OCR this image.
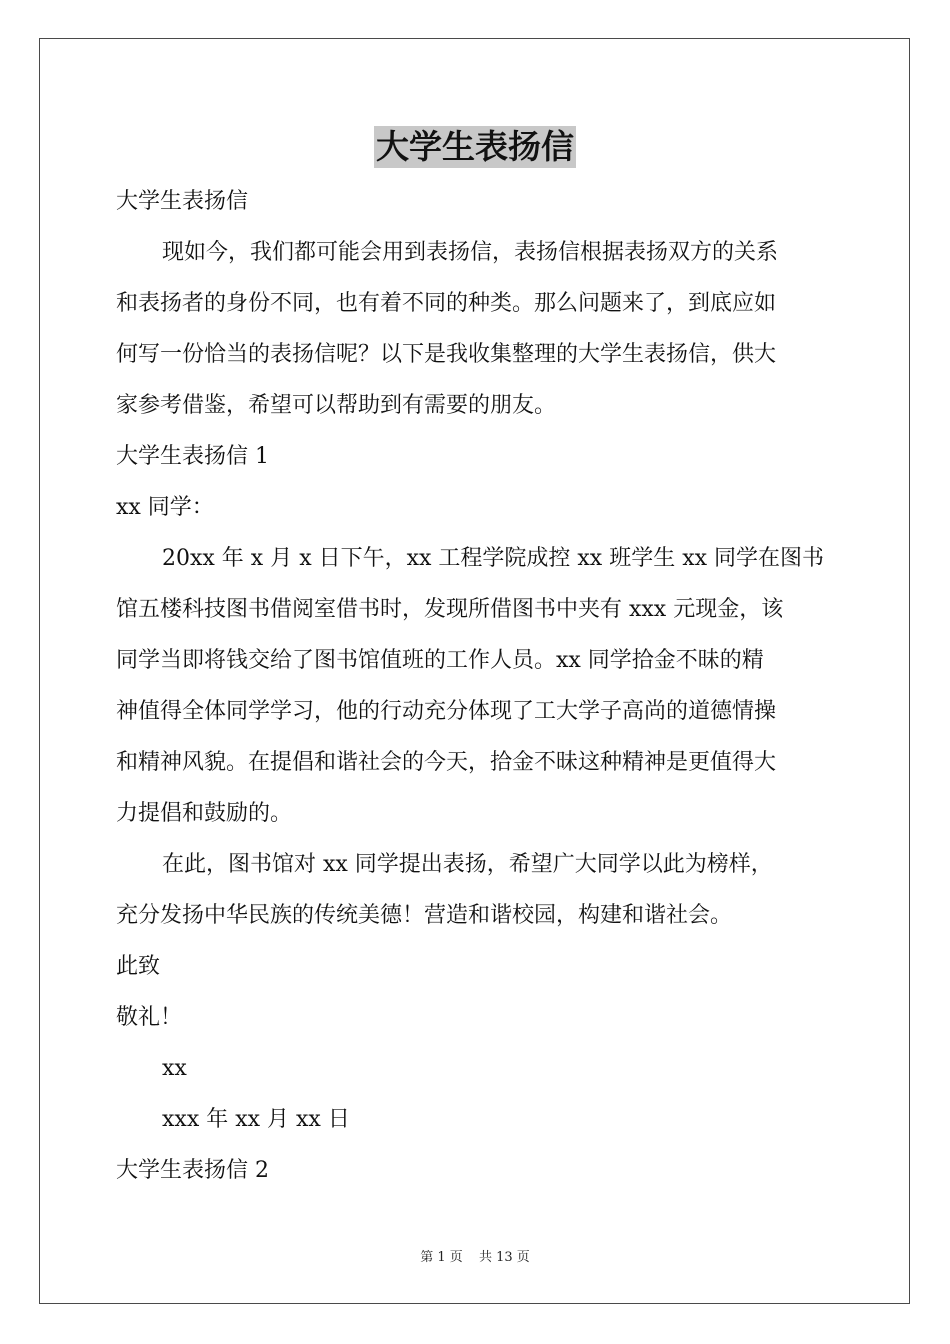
大学生表扬信
大学生表扬信
现如今，我们都可能会用到表扬信，表扬信根据表扬双方的关系
和表扬者的身份不同，也有着不同的种类。那么问题来了，到底应如
何写一份恰当的表扬信呢？以下是我收集整理的大学生表扬信，供大
家参考借鉴，希望可以帮助到有需要的朋友。
大学生表扬信 1
xx 同学：
20xx 年 x 月 x 日下午，xx 工程学院成控 xx 班学生 xx 同学在图书
馆五楼科技图书借阅室借书时，发现所借图书中夹有 xxx 元现金，该
同学当即将钱交给了图书馆值班的工作人员。xx 同学拾金不昧的精
神值得全体同学学习，他的行动充分体现了工大学子高尚的道德情操
和精神风貌。在提倡和谐社会的今天，拾金不昧这种精神是更值得大
力提倡和鼓励的。
在此，图书馆对 xx 同学提出表扬，希望广大同学以此为榜样，
充分发扬中华民族的传统美德！营造和谐校园，构建和谐社会。
此致
敬礼！
xx
xxx 年 xx 月 xx 日
大学生表扬信 2
第 1 页 共 13 页
